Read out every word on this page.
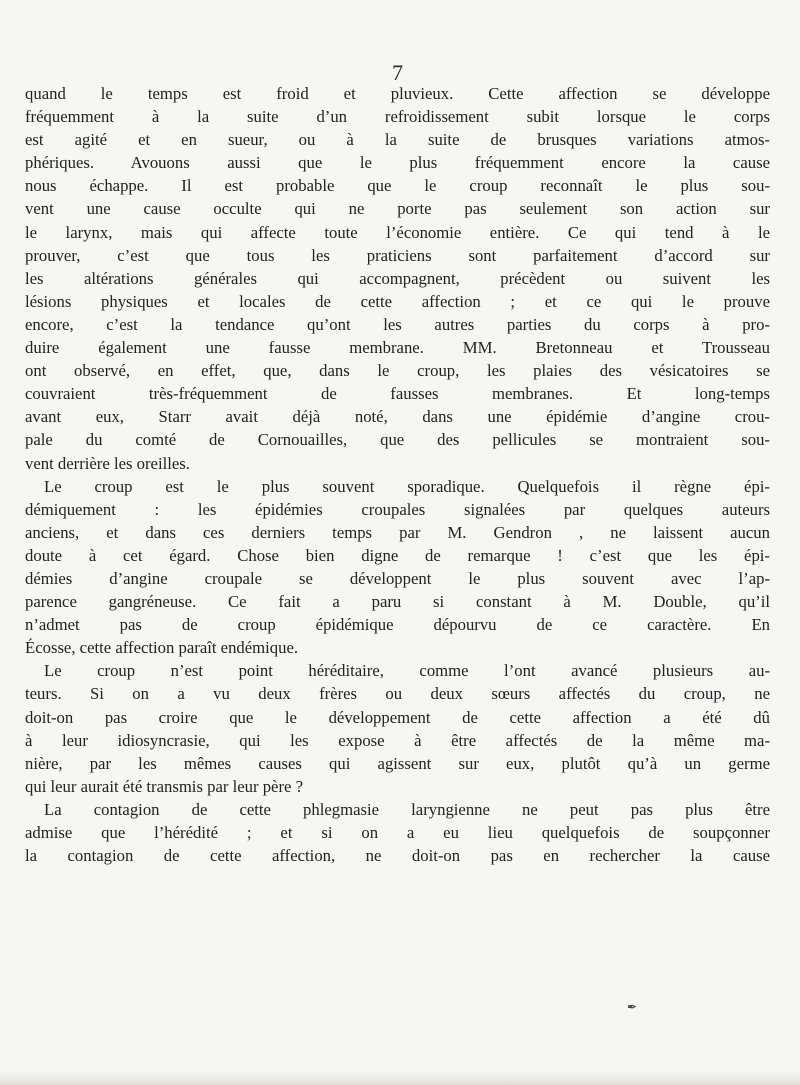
7
quand le temps est froid et pluvieux. Cette affection se développe
fréquemment à la suite d’un refroidissement subit lorsque le corps
est agité et en sueur, ou à la suite de brusques variations atmos-
phériques. Avouons aussi que le plus fréquemment encore la cause
nous échappe. Il est probable que le croup reconnaît le plus sou-
vent une cause occulte qui ne porte pas seulement son action sur
le larynx, mais qui affecte toute l’économie entière. Ce qui tend à le
prouver, c’est que tous les praticiens sont parfaitement d’accord sur
les altérations générales qui accompagnent, précèdent ou suivent les
lésions physiques et locales de cette affection ; et ce qui le prouve
encore, c’est la tendance qu’ont les autres parties du corps à pro-
duire également une fausse membrane. MM. Bretonneau et Trousseau
ont observé, en effet, que, dans le croup, les plaies des vésicatoires se
couvraient très-fréquemment de fausses membranes. Et long-temps
avant eux, Starr avait déjà noté, dans une épidémie d’angine crou-
pale du comté de Cornouailles, que des pellicules se montraient sou-
vent derrière les oreilles.
Le croup est le plus souvent sporadique. Quelquefois il règne épi-
démiquement : les épidémies croupales signalées par quelques auteurs
anciens, et dans ces derniers temps par M. Gendron , ne laissent aucun
doute à cet égard. Chose bien digne de remarque ! c’est que les épi-
démies d’angine croupale se développent le plus souvent avec l’ap-
parence gangréneuse. Ce fait a paru si constant à M. Double, qu’il
n’admet pas de croup épidémique dépourvu de ce caractère. En
Écosse, cette affection paraît endémique.
Le croup n’est point héréditaire, comme l’ont avancé plusieurs au-
teurs. Si on a vu deux frères ou deux sœurs affectés du croup, ne
doit-on pas croire que le développement de cette affection a été dû
à leur idiosyncrasie, qui les expose à être affectés de la même ma-
nière, par les mêmes causes qui agissent sur eux, plutôt qu’à un germe
qui leur aurait été transmis par leur père ?
La contagion de cette phlegmasie laryngienne ne peut pas plus être
admise que l’hérédité ; et si on a eu lieu quelquefois de soupçonner
la contagion de cette affection, ne doit-on pas en rechercher la cause
✒
